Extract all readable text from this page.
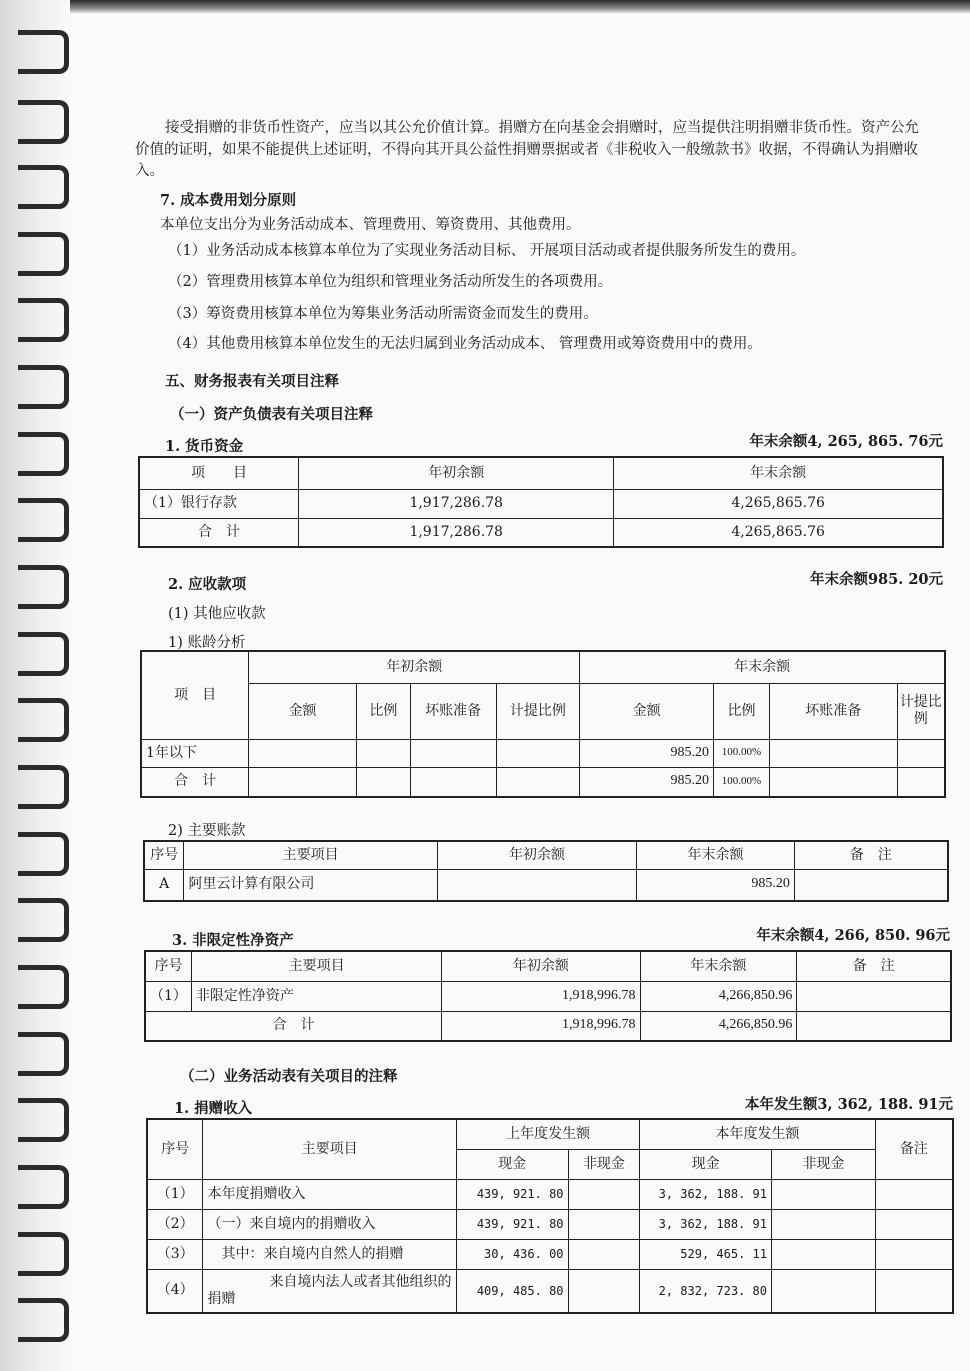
接受捐赠的非货币性资产，应当以其公允价值计算。捐赠方在向基金会捐赠时，应当提供注明捐赠非货币性。资产公允价值的证明，如果不能提供上述证明，不得向其开具公益性捐赠票据或者《非税收入一般缴款书》收据，不得确认为捐赠收入。
7. 成本费用划分原则
本单位支出分为业务活动成本、管理费用、筹资费用、其他费用。
（1）业务活动成本核算本单位为了实现业务活动目标、 开展项目活动或者提供服务所发生的费用。
（2）管理费用核算本单位为组织和管理业务活动所发生的各项费用。
（3）筹资费用核算本单位为筹集业务活动所需资金而发生的费用。
（4）其他费用核算本单位发生的无法归属到业务活动成本、 管理费用或筹资费用中的费用。
五、财务报表有关项目注释
（一）资产负债表有关项目注释
1. 货币资金	年末余额4, 265, 865. 76元
项　　目	年初余额	年末余额
（1）银行存款	1,917,286.78	4,265,865.76
合　计	1,917,286.78	4,265,865.76
2. 应收款项	年末余额985. 20元
(1) 其他应收款
1) 账龄分析
项　目	年初余额				年末余额			
	金额	比例	坏账准备	计提比例	金额	比例	坏账准备	计提比例
1年以下					985.20	100.00%		
合　计					985.20	100.00%		
2) 主要账款
序号	主要项目	年初余额	年末余额	备　注
A	阿里云计算有限公司		985.20	
3. 非限定性净资产	年末余额4, 266, 850. 96元
序号	主要项目	年初余额	年末余额	备　注
（1）	非限定性净资产	1,918,996.78	4,266,850.96	
合　计		1,918,996.78	4,266,850.96	
（二）业务活动表有关项目的注释
1. 捐赠收入	本年发生额3, 362, 188. 91元
序号	主要项目	上年度发生额		本年度发生额		备注
		现金	非现金	现金	非现金	
（1）	本年度捐赠收入	439, 921. 80		3, 362, 188. 91		
（2）	（一）来自境内的捐赠收入	439, 921. 80		3, 362, 188. 91		
（3）	其中：来自境内自然人的捐赠	30, 436. 00		529, 465. 11		
（4）	来自境内法人或者其他组织的捐赠	409, 485. 80		2, 832, 723. 80		
